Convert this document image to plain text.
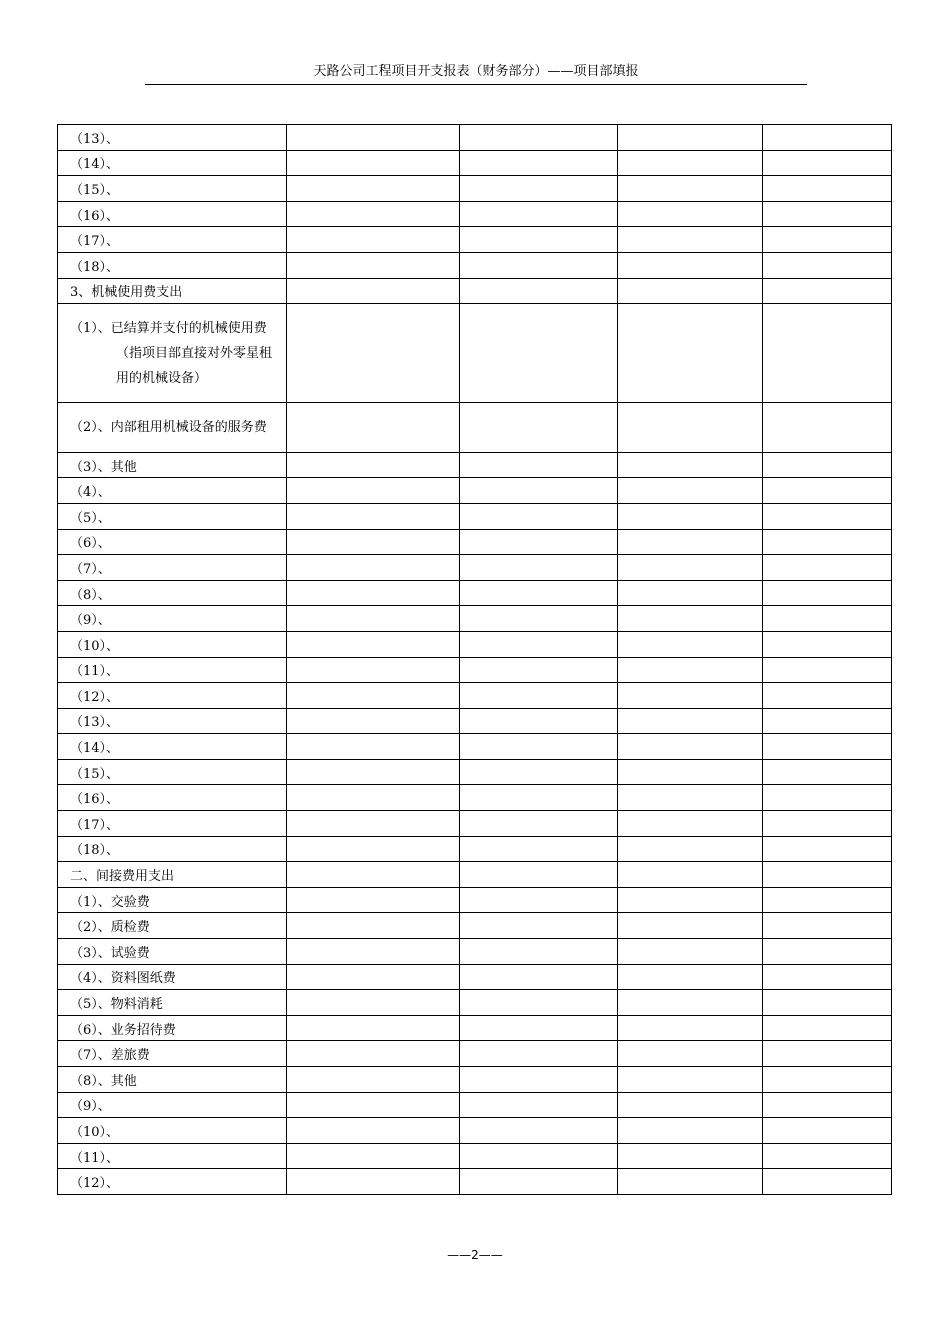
天路公司工程项目开支报表（财务部分）——项目部填报
（13）、				
（14）、				
（15）、				
（16）、				
（17）、				
（18）、				
3、机械使用费支出				
（1）、已结算并支付的机械使用费
（指项目部直接对外零星租用的机械设备）				

（2）、内部租用机械设备的服务费				
（3）、其他				
（4）、				
（5）、				
（6）、				
（7）、				
（8）、				
（9）、				
（10）、				
（11）、				
（12）、				
（13）、				
（14）、				
（15）、				
（16）、				
（17）、				
（18）、				
二、间接费用支出				
（1）、交验费				
（2）、质检费				
（3）、试验费				
（4）、资料图纸费				
（5）、物料消耗				
（6）、业务招待费				
（7）、差旅费				
（8）、其他				
（9）、				
（10）、				
（11）、				
（12）、				
——2——
